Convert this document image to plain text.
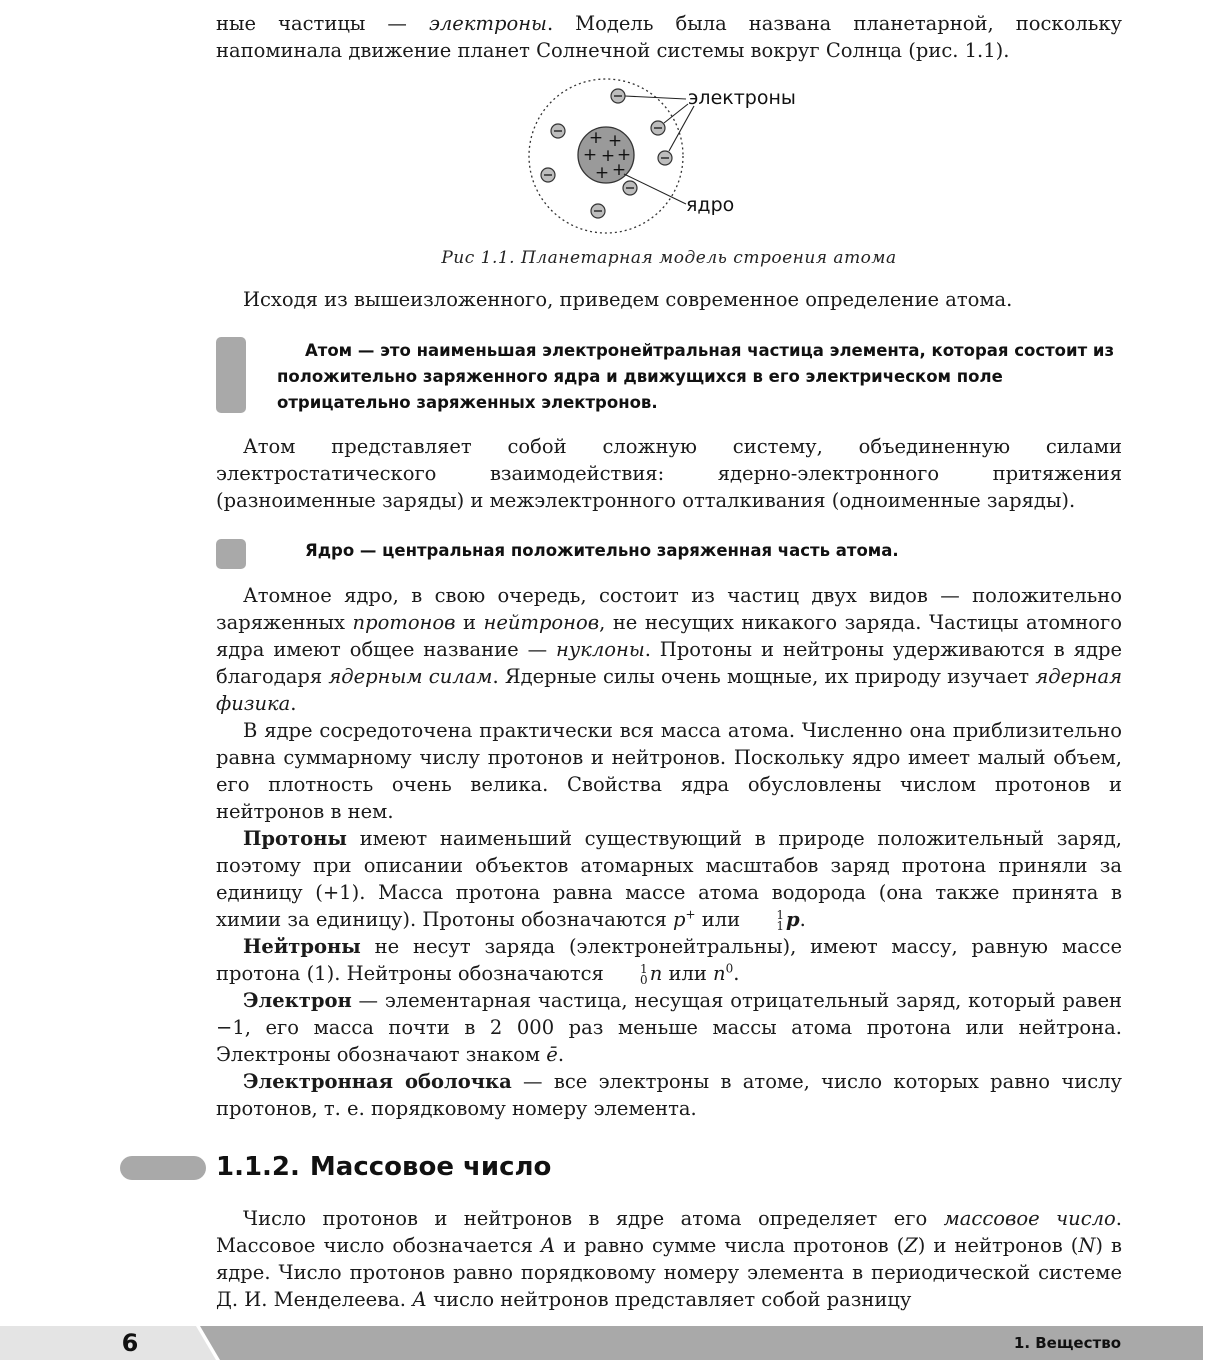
ные частицы — электроны. Модель была названа планетарной, поскольку напоминала движение планет Солнечной системы вокруг Солнца (рис. 1.1).

+ +
+ + +
+ +
электроны
ядро
Рис 1.1. Планетарная модель строения атома

Исходя из вышеизложенного, приведем современное определение атома.

Атом — это наименьшая электронейтральная частица элемента, которая состоит из положительно заряженного ядра и движущихся в его электрическом поле отрицательно заряженных электронов.

Атом представляет собой сложную систему, объединенную силами электростатического взаимодействия: ядерно-электронного притяжения (разноименные заряды) и межэлектронного отталкивания (одноименные заряды).

Ядро — центральная положительно заряженная часть атома.

Атомное ядро, в свою очередь, состоит из частиц двух видов — положительно заряженных протонов и нейтронов, не несущих никакого заряда. Частицы атомного ядра имеют общее название — нуклоны. Протоны и нейтроны удерживаются в ядре благодаря ядерным силам. Ядерные силы очень мощные, их природу изучает ядерная физика.

В ядре сосредоточена практически вся масса атома. Численно она приблизительно равна суммарному числу протонов и нейтронов. Поскольку ядро имеет малый объем, его плотность очень велика. Свойства ядра обусловлены числом протонов и нейтронов в нем.

Протоны имеют наименьший существующий в природе положительный заряд, поэтому при описании объектов атомарных масштабов заряд протона приняли за единицу (+1). Масса протона равна массе атома водорода (она также принята в химии за единицу). Протоны обозначаются p+ или	1
1 p.

Нейтроны не несут заряда (электронейтральны), имеют массу, равную массе протона (1). Нейтроны обозначаются	1
0 n или $n^0$.

Электрон — элементарная частица, несущая отрицательный заряд, который равен −1, его масса почти в 2 000 раз меньше массы атома протона или нейтрона. Электроны обозначают знаком ē.

Электронная оболочка — все электроны в атоме, число которых равно числу протонов, т. е. порядковому номеру элемента.

1.1.2. Массовое число

Число протонов и нейтронов в ядре атома определяет его массовое число. Массовое число обозначается A и равно сумме числа протонов (Z) и нейтронов (N) в ядре. Число протонов равно порядковому номеру элемента в периодической системе Д. И. Менделеева. А число нейтронов представляет собой разницу

6	1. Вещество
